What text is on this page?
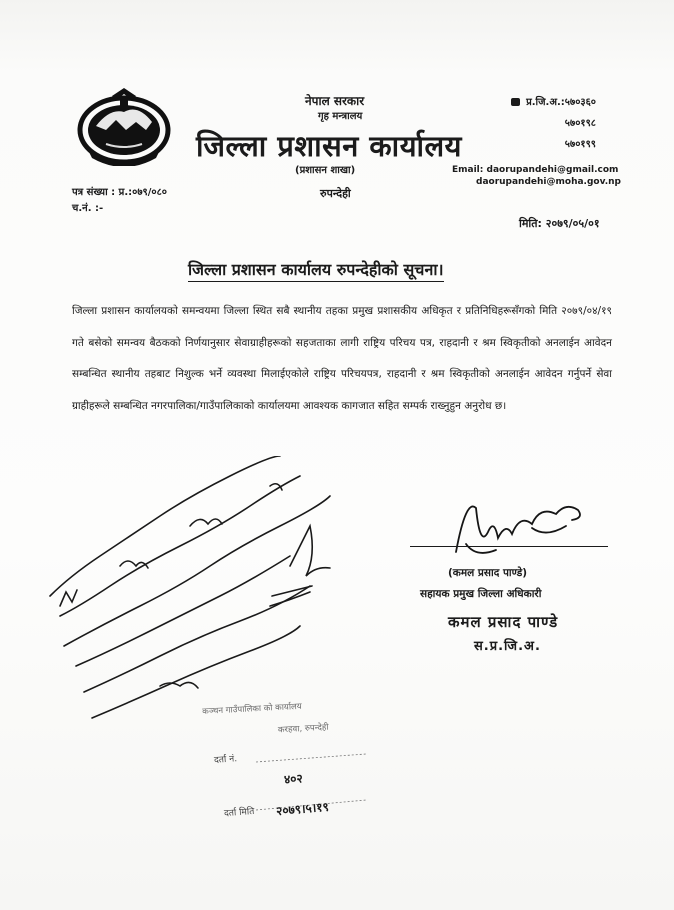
नेपाल सरकार
गृह मन्त्रालय
जिल्ला प्रशासन कार्यालय
(प्रशासन शाखा)
रुपन्देही
प्र.जि.अ.:५७०३६०
५७०१९८
५७०१९९
Email: daorupandehi@gmail.com
daorupandehi@moha.gov.np
पत्र संख्या : प्र.:०७९/०८०
च.नं. :-
मिति: २०७९/०५/०१
जिल्ला प्रशासन कार्यालय रुपन्देहीको सूचना।
जिल्ला प्रशासन कार्यालयको समन्वयमा जिल्ला स्थित सबै स्थानीय तहका प्रमुख प्रशासकीय अधिकृत र प्रतिनिधिहरूसँगको मिति २०७९/०४/१९ गते बसेको समन्वय बैठकको निर्णयानुसार सेवाग्राहीहरूको सहजताका लागी राष्ट्रिय परिचय पत्र, राहदानी र श्रम स्विकृतीको अनलाईन आवेदन सम्बन्धित स्थानीय तहबाट निशुल्क भर्ने व्यवस्था मिलाईएकोले राष्ट्रिय परिचयपत्र, राहदानी र श्रम स्विकृतीको अनलाईन आवेदन गर्नुपर्ने सेवा ग्राहीहरूले सम्बन्धित नगरपालिका/गाउँपालिकाको कार्यालयमा आवश्यक कागजात सहित सम्पर्क राख्नुहुन अनुरोध छ।
(कमल प्रसाद पाण्डे)
सहायक प्रमुख जिल्ला अधिकारी
कमल प्रसाद पाण्डे
स.प्र.जि.अ.
कञ्चन गाउँपालिका को कार्यालय
करहवा, रुपन्देही
दर्ता नं.
४०२
दर्ता मिति २०७९।५।१९
